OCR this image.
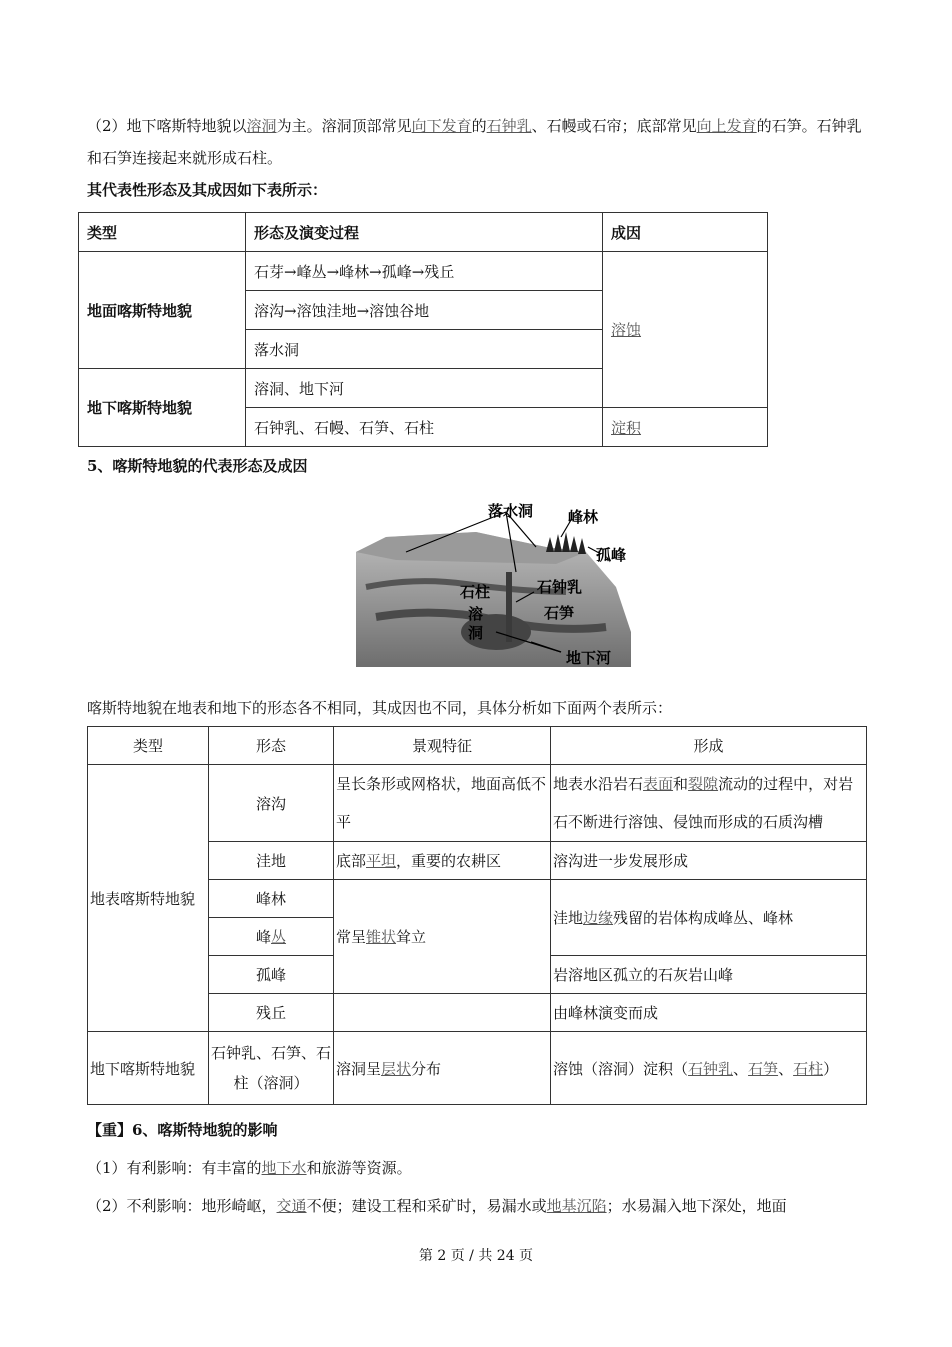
（2）地下喀斯特地貌以溶洞为主。溶洞顶部常见向下发育的石钟乳、石幔或石帘；底部常见向上发育的石笋。石钟乳和石笋连接起来就形成石柱。

其代表性形态及其成因如下表所示：

类型	形态及演变过程	成因
地面喀斯特地貌	石芽→峰丛→峰林→孤峰→残丘	溶蚀
	溶沟→溶蚀洼地→溶蚀谷地	
	落水洞	
地下喀斯特地貌	溶洞、地下河	
	石钟乳、石幔、石笋、石柱	淀积

5、喀斯特地貌的代表形态及成因

落水洞 峰林
孤峰
石柱	石钟乳
溶
洞
石笋
地下河

喀斯特地貌在地表和地下的形态各不相同，其成因也不同，具体分析如下面两个表所示：

类型	形态	景观特征	形成
地表喀斯特地貌	溶沟	呈长条形或网格状，地面高低不平	地表水沿岩石表面和裂隙流动的过程中，对岩石不断进行溶蚀、侵蚀而形成的石质沟槽

	洼地	底部平坦，重要的农耕区	溶沟进一步发展形成
	峰林	常呈锥状耸立	洼地边缘残留的岩体构成峰丛、峰林
	峰丛		
	孤峰		岩溶地区孤立的石灰岩山峰
	残丘		由峰林演变而成
地下喀斯特地貌	石钟乳、石笋、石柱（溶洞）	溶洞呈层状分布	溶蚀（溶洞）淀积（石钟乳、石笋、石柱）

【重】6、喀斯特地貌的影响

（1）有利影响：有丰富的地下水和旅游等资源。

（2）不利影响：地形崎岖，交通不便；建设工程和采矿时，易漏水或地基沉陷；水易漏入地下深处，地面

第 2 页 / 共 24 页
